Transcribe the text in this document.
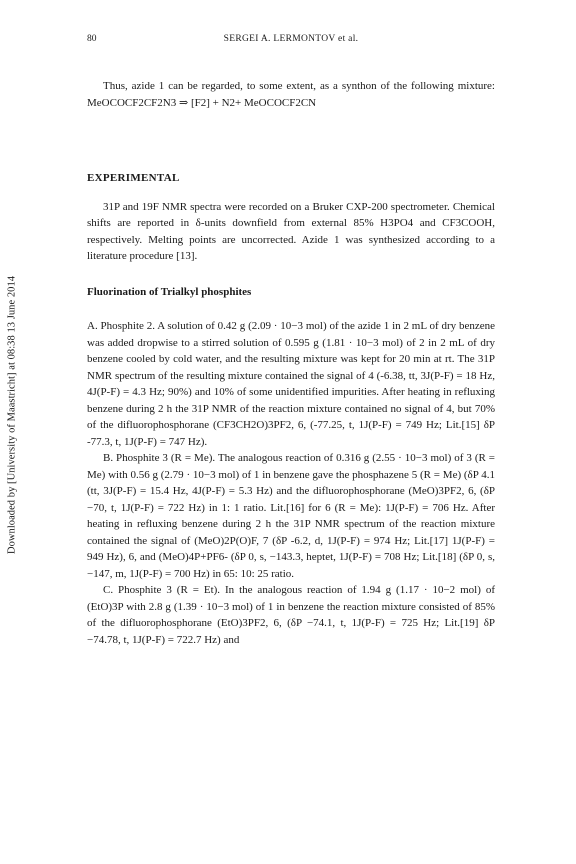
Downloaded by [University of Maastricht] at 08:38 13 June 2014
80	SERGEI A. LERMONTOV et al.

Thus, azide 1 can be regarded, to some extent, as a synthon of the following mixture: MeOCOCF2CF2N3 ⇒ [F2] + N2+ MeOCOCF2CN

EXPERIMENTAL

31P and 19F NMR spectra were recorded on a Bruker CXP-200 spectrometer. Chemical shifts are reported in δ-units downfield from external 85% H3PO4 and CF3COOH, respectively. Melting points are uncorrected. Azide 1 was synthesized according to a literature procedure [13].

Fluorination of Trialkyl phosphites

A. Phosphite 2. A solution of 0.42 g (2.09 · 10−3 mol) of the azide 1 in 2 mL of dry benzene was added dropwise to a stirred solution of 0.595 g (1.81 · 10−3 mol) of 2 in 2 mL of dry benzene cooled by cold water, and the resulting mixture was kept for 20 min at rt. The 31P NMR spectrum of the resulting mixture contained the signal of 4 (-6.38, tt, 3J(P-F) = 18 Hz, 4J(P-F) = 4.3 Hz; 90%) and 10% of some unidentified impurities. After heating in refluxing benzene during 2 h the 31P NMR of the reaction mixture contained no signal of 4, but 70% of the difluorophosphorane (CF3CH2O)3PF2, 6, (-77.25, t, 1J(P-F) = 749 Hz; Lit.[15] δP -77.3, t, 1J(P-F) = 747 Hz).

B. Phosphite 3 (R = Me). The analogous reaction of 0.316 g (2.55 · 10−3 mol) of 3 (R = Me) with 0.56 g (2.79 · 10−3 mol) of 1 in benzene gave the phosphazene 5 (R = Me) (δP 4.1 (tt, 3J(P-F) = 15.4 Hz, 4J(P-F) = 5.3 Hz) and the difluorophosphorane (MeO)3PF2, 6, (δP −70, t, 1J(P-F) = 722 Hz) in 1: 1 ratio. Lit.[16] for 6 (R = Me): 1J(P-F) = 706 Hz. After heating in refluxing benzene during 2 h the 31P NMR spectrum of the reaction mixture contained the signal of (MeO)2P(O)F, 7 (δP -6.2, d, 1J(P-F) = 974 Hz; Lit.[17] 1J(P-F) = 949 Hz), 6, and (MeO)4P+PF6- (δP 0, s, −143.3, heptet, 1J(P-F) = 708 Hz; Lit.[18] (δP 0, s, −147, m, 1J(P-F) = 700 Hz) in 65: 10: 25 ratio.

C. Phosphite 3 (R = Et). In the analogous reaction of 1.94 g (1.17 · 10−2 mol) of (EtO)3P with 2.8 g (1.39 · 10−3 mol) of 1 in benzene the reaction mixture consisted of 85% of the difluorophosphorane (EtO)3PF2, 6, (δP −74.1, t, 1J(P-F) = 725 Hz; Lit.[19] δP −74.78, t, 1J(P-F) = 722.7 Hz) and
